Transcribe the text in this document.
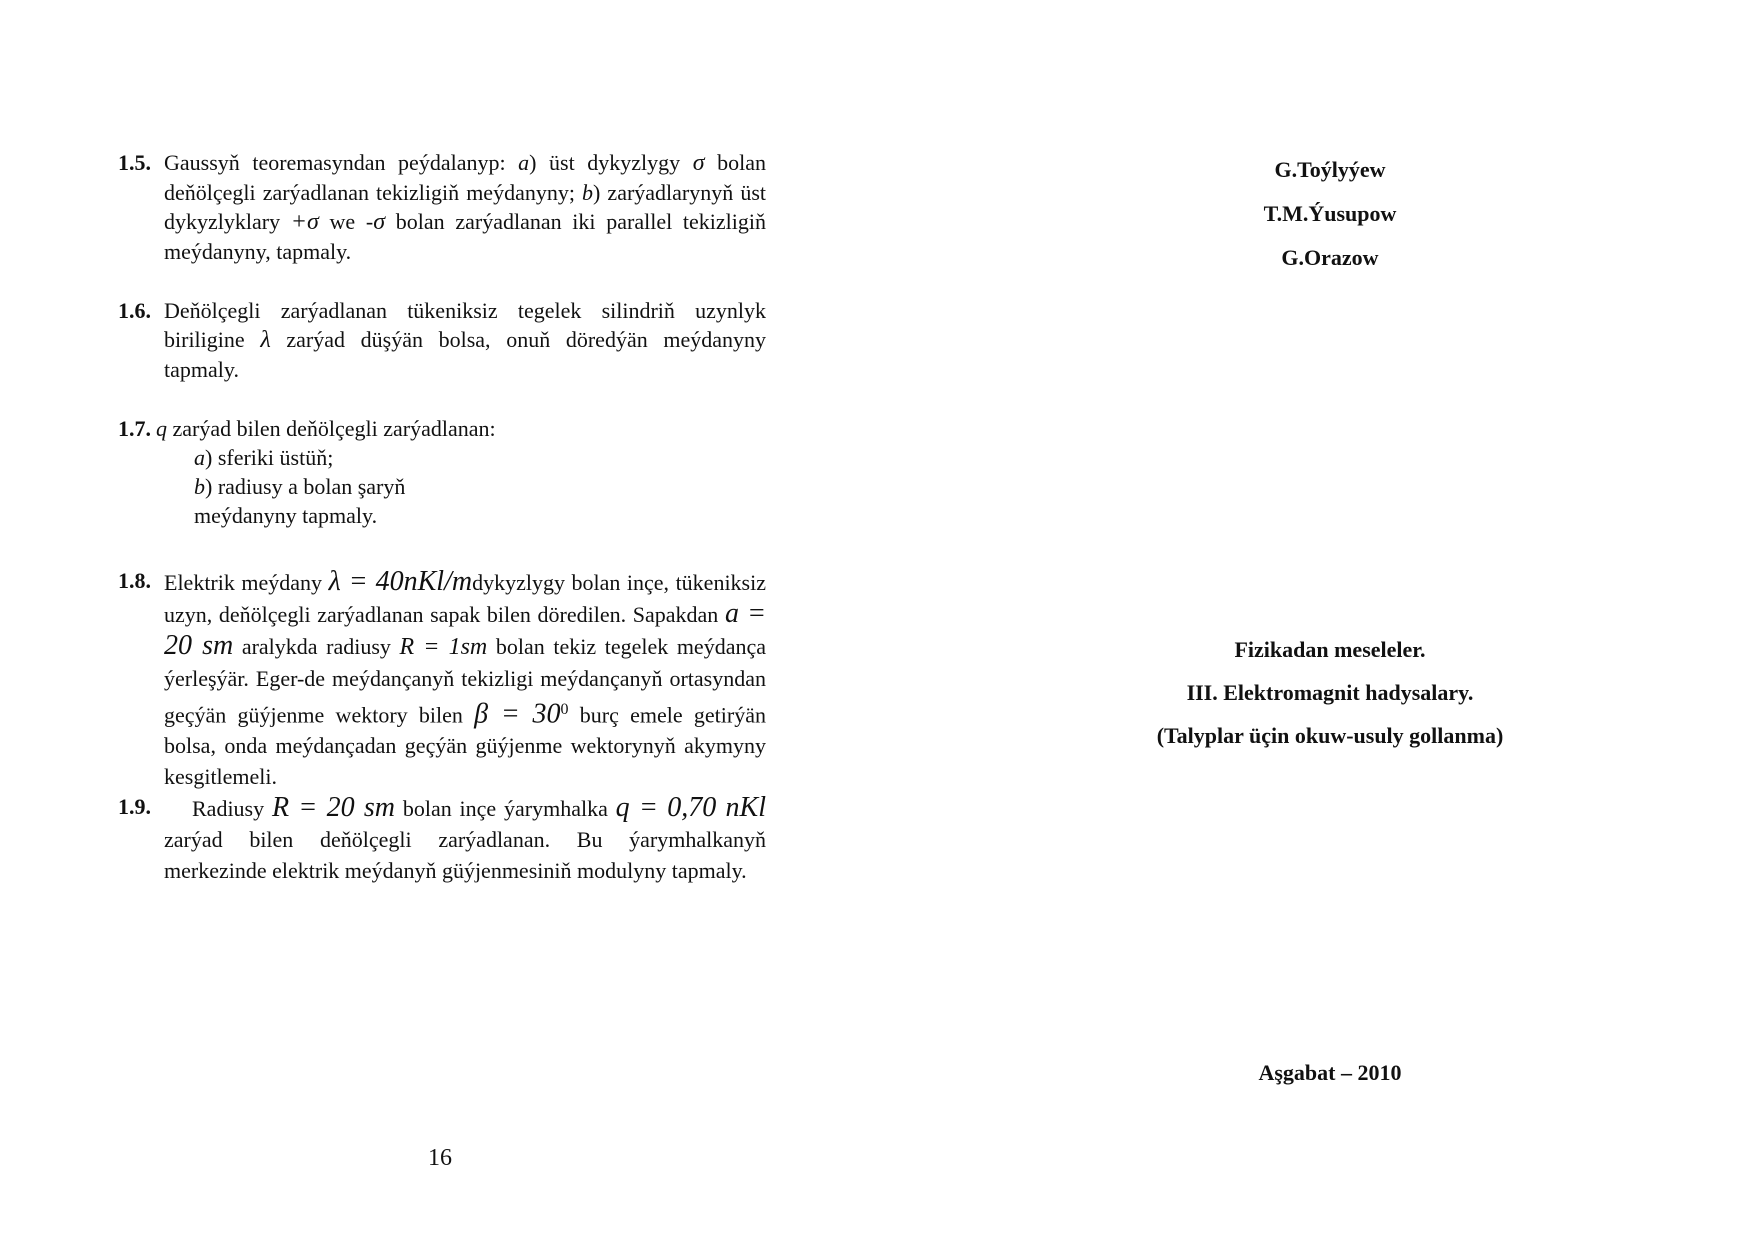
1.5. Gaussyň teoremasyndan peýdalanyp: a) üst dykyzlygy σ bolan deňölçegli zarýadlanan tekizligiň meýdanyny; b) zarýadlarynyň üst dykyzlyklary +σ we -σ bolan zarýadlanan iki parallel tekizligiň meýdanyny, tapmaly.
1.6. Deňölçegli zarýadlanan tükeniksiz tegelek silindriň uzynlyk biriligine λ zarýad düşýän bolsa, onuň döredýän meýdanyny tapmaly.
1.7. q zarýad bilen deňölçegli zarýadlanan:
a) sferiki üstüň;
b) radiusy a bolan şaryň
meýdanyny tapmaly.
1.8. Elektrik meýdany λ = 40nKl/mdykyzlygy bolan inçe, tükeniksiz uzyn, deňölçegli zarýadlanan sapak bilen döredilen. Sapakdan a = 20 sm aralykda radiusy R = 1sm bolan tekiz tegelek meýdança ýerleşýär. Eger-de meýdançanyň tekizligi meýdançanyň ortasyndan geçýän güýjenme wektory bilen $\beta = 30^0$ burç emele getirýän bolsa, onda meýdançadan geçýän güýjenme wektorynyň akymyny kesgitlemeli.
1.9.	Radiusy R = 20 sm bolan inçe ýarymhalka q = 0,70 nKl zarýad bilen deňölçegli zarýadlanan. Bu ýarymhalkanyň merkezinde elektrik meýdanyň güýjenmesiniň modulyny tapmaly.
16
G.Toýlyýew
T.M.Ýusupow
G.Orazow
Fizikadan meseleler.
III. Elektromagnit hadysalary.
(Talyplar üçin okuw-usuly gollanma)
Aşgabat – 2010
